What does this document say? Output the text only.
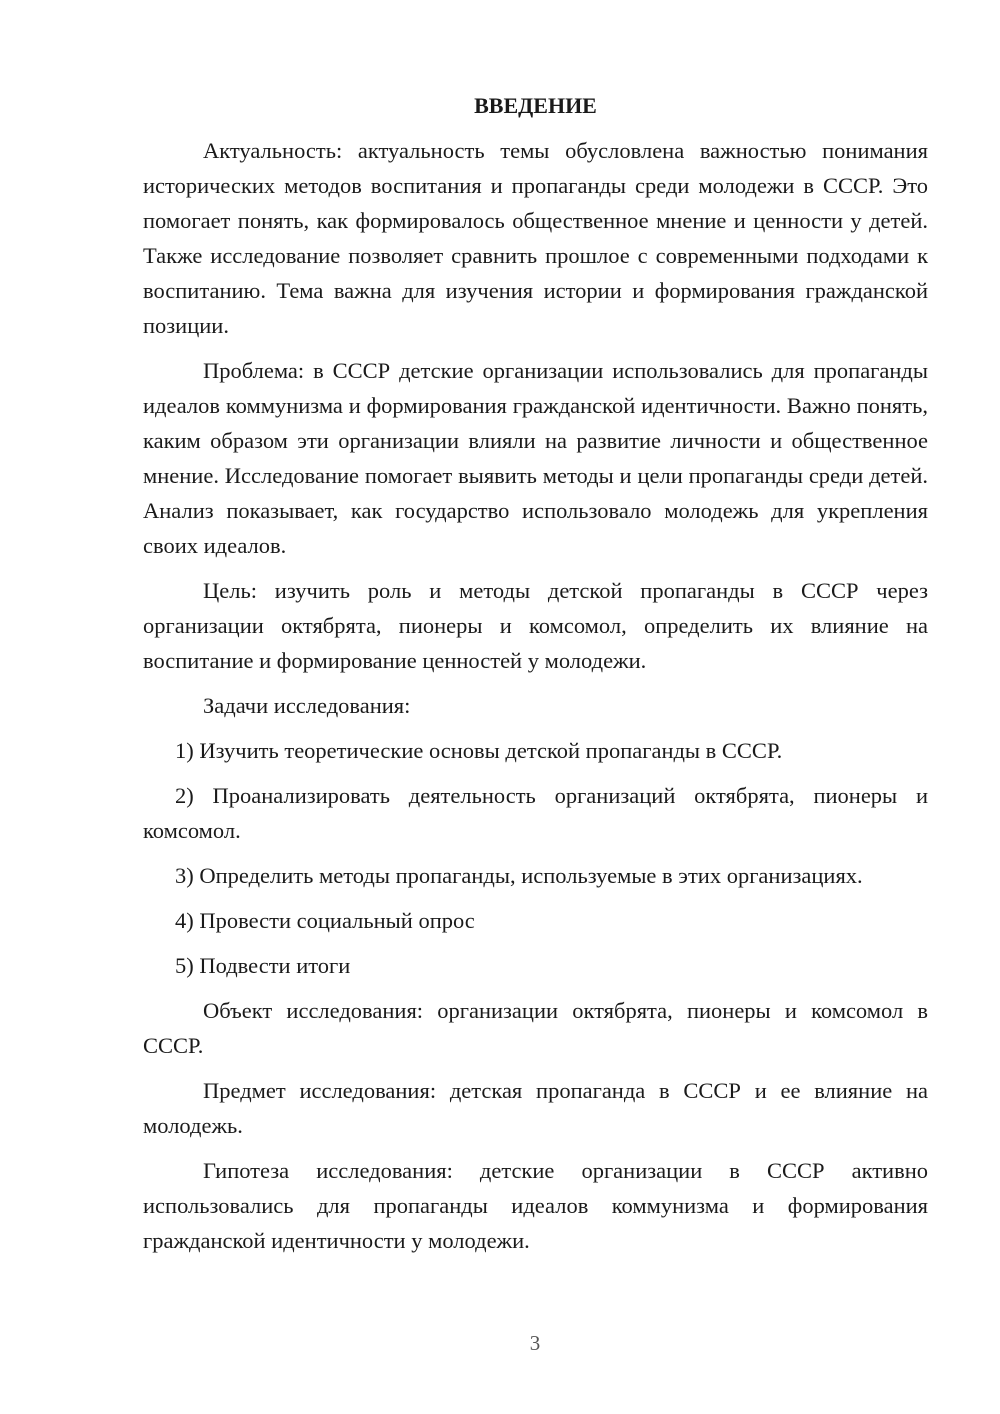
ВВЕДЕНИЕ

Актуальность: актуальность темы обусловлена важностью понимания исторических методов воспитания и пропаганды среди молодежи в СССР. Это помогает понять, как формировалось общественное мнение и ценности у детей. Также исследование позволяет сравнить прошлое с современными подходами к воспитанию. Тема важна для изучения истории и формирования гражданской позиции.

Проблема: в СССР детские организации использовались для пропаганды идеалов коммунизма и формирования гражданской идентичности. Важно понять, каким образом эти организации влияли на развитие личности и общественное мнение. Исследование помогает выявить методы и цели пропаганды среди детей. Анализ показывает, как государство использовало молодежь для укрепления своих идеалов.

Цель: изучить роль и методы детской пропаганды в СССР через организации октябрята, пионеры и комсомол, определить их влияние на воспитание и формирование ценностей у молодежи.

Задачи исследования:

1) Изучить теоретические основы детской пропаганды в СССР.

2) Проанализировать деятельность организаций октябрята, пионеры и комсомол.

3) Определить методы пропаганды, используемые в этих организациях.

4) Провести социальный опрос

5) Подвести итоги

Объект исследования: организации октябрята, пионеры и комсомол в СССР.

Предмет исследования: детская пропаганда в СССР и ее влияние на молодежь.

Гипотеза исследования: детские организации в СССР активно использовались для пропаганды идеалов коммунизма и формирования гражданской идентичности у молодежи.

3
